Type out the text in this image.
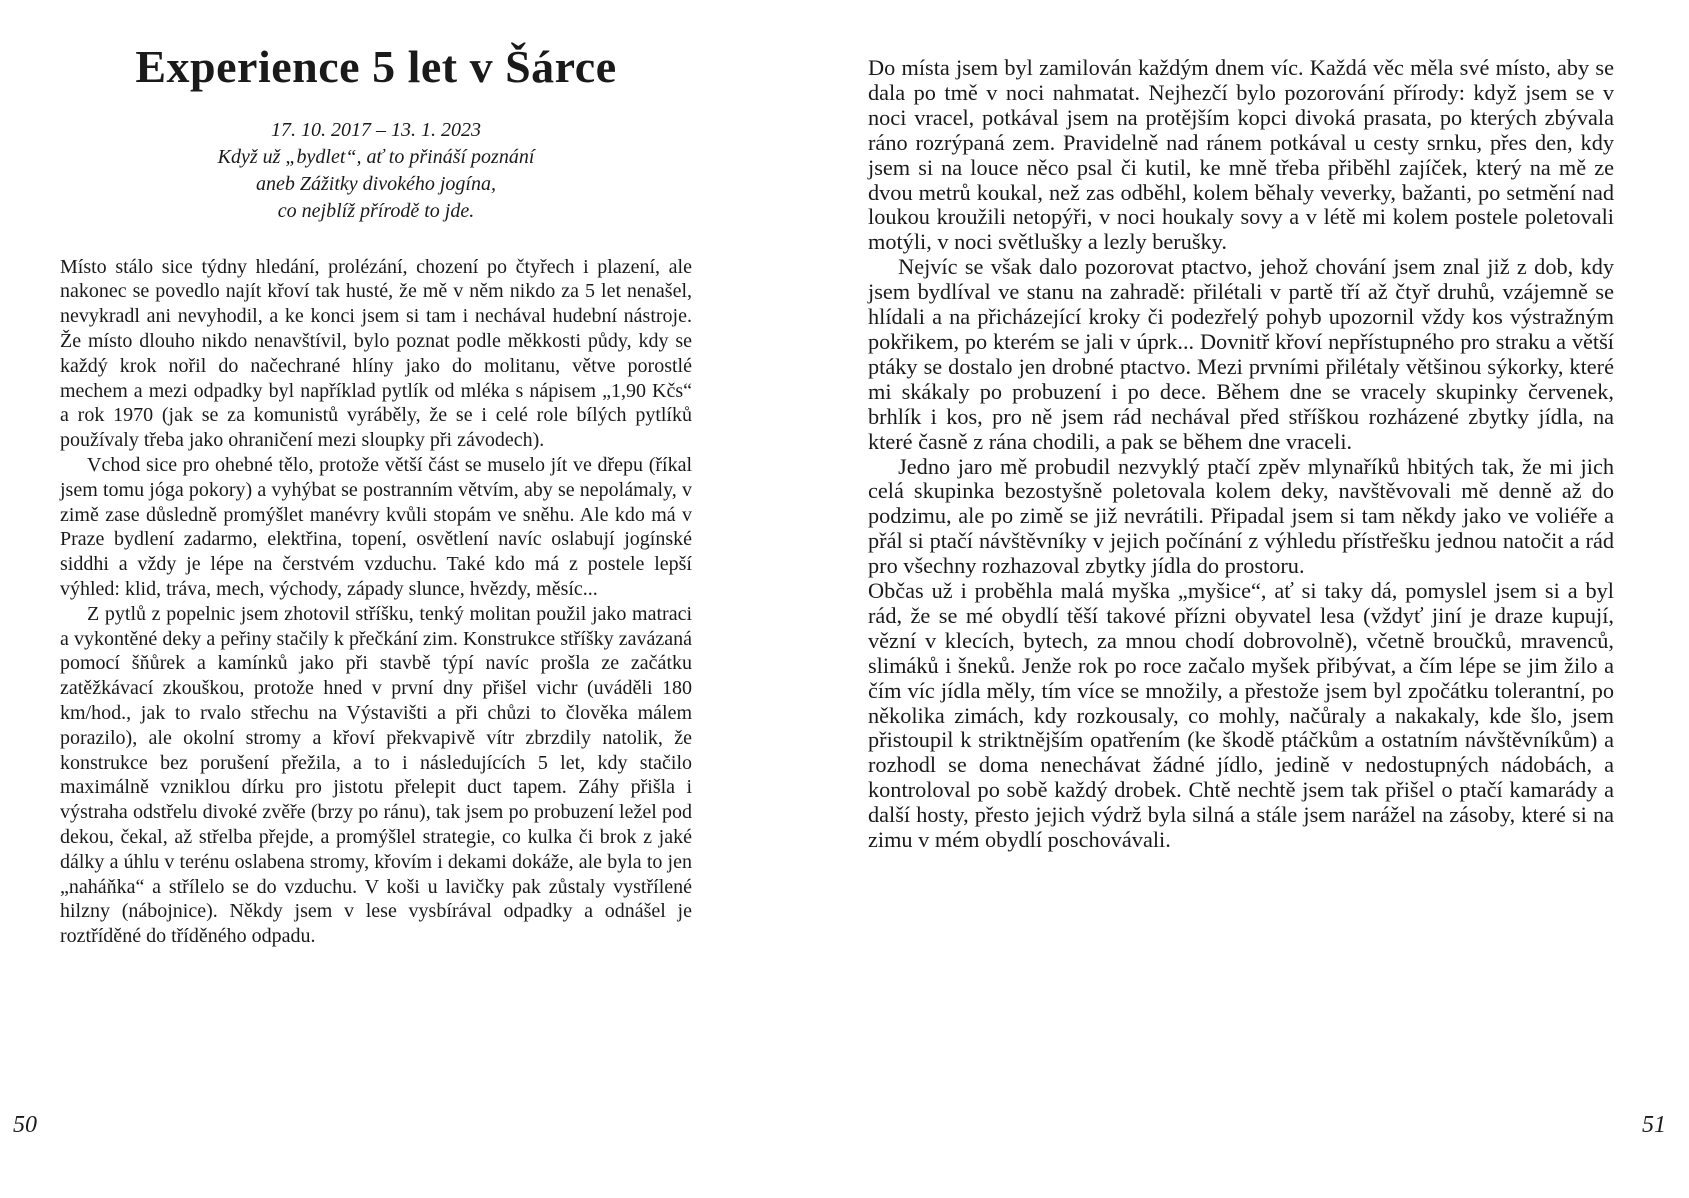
Experience 5 let v Šárce
17. 10. 2017 – 13. 1. 2023
Když už „bydlet“, ať to přináší poznání
aneb Zážitky divokého jogína,
co nejblíž přírodě to jde.

Místo stálo sice týdny hledání, prolézání, chození po čtyřech i plazení, ale nakonec se povedlo najít křoví tak husté, že mě v něm nikdo za 5 let nenašel, nevykradl ani nevyhodil, a ke konci jsem si tam i nechával hudební nástroje. Že místo dlouho nikdo nenavštívil, bylo poznat podle měkkosti půdy, kdy se každý krok nořil do načechrané hlíny jako do molitanu, větve porostlé mechem a mezi odpadky byl například pytlík od mléka s nápisem „1,90 Kčs“ a rok 1970 (jak se za komunistů vyráběly, že se i celé role bílých pytlíků používaly třeba jako ohraničení mezi sloupky při závodech).

Vchod sice pro ohebné tělo, protože větší část se muselo jít ve dřepu (říkal jsem tomu jóga pokory) a vyhýbat se postranním větvím, aby se nepolámaly, v zimě zase důsledně promýšlet manévry kvůli stopám ve sněhu. Ale kdo má v Praze bydlení zadarmo, elektřina, topení, osvětlení navíc oslabují jogínské siddhi a vždy je lépe na čerstvém vzduchu. Také kdo má z postele lepší výhled: klid, tráva, mech, východy, západy slunce, hvězdy, měsíc...

Z pytlů z popelnic jsem zhotovil stříšku, tenký molitan použil jako matraci a vykontěné deky a peřiny stačily k přečkání zim. Konstrukce stříšky zavázaná pomocí šňůrek a kamínků jako při stavbě týpí navíc prošla ze začátku zatěžkávací zkouškou, protože hned v první dny přišel vichr (uváděli 180 km/hod., jak to rvalo střechu na Výstavišti a při chůzi to člověka málem porazilo), ale okolní stromy a křoví překvapivě vítr zbrzdily natolik, že konstrukce bez porušení přežila, a to i následujících 5 let, kdy stačilo maximálně vzniklou dírku pro jistotu přelepit duct tapem. Záhy přišla i výstraha odstřelu divoké zvěře (brzy po ránu), tak jsem po probuzení ležel pod dekou, čekal, až střelba přejde, a promýšlel strategie, co kulka či brok z jaké dálky a úhlu v terénu oslabena stromy, křovím i dekami dokáže, ale byla to jen „naháňka“ a střílelo se do vzduchu. V koši u lavičky pak zůstaly vystřílené hilzny (nábojnice). Někdy jsem v lese vysbírával odpadky a odnášel je roztříděné do tříděného odpadu.

50

Do místa jsem byl zamilován každým dnem víc. Každá věc měla své místo, aby se dala po tmě v noci nahmatat. Nejhezčí bylo pozorování přírody: když jsem se v noci vracel, potkával jsem na protějším kopci divoká prasata, po kterých zbývala ráno rozrýpaná zem. Pravidelně nad ránem potkával u cesty srnku, přes den, kdy jsem si na louce něco psal či kutil, ke mně třeba přiběhl zajíček, který na mě ze dvou metrů koukal, než zas odběhl, kolem běhaly veverky, bažanti, po setmění nad loukou kroužili netopýři, v noci houkaly sovy a v létě mi kolem postele poletovali motýli, v noci světlušky a lezly berušky.

Nejvíc se však dalo pozorovat ptactvo, jehož chování jsem znal již z dob, kdy jsem bydlíval ve stanu na zahradě: přilétali v partě tří až čtyř druhů, vzájemně se hlídali a na přicházející kroky či podezřelý pohyb upozornil vždy kos výstražným pokřikem, po kterém se jali v úprk... Dovnitř křoví nepřístupného pro straku a větší ptáky se dostalo jen drobné ptactvo. Mezi prvními přilétaly většinou sýkorky, které mi skákaly po probuzení i po dece. Během dne se vracely skupinky červenek, brhlík i kos, pro ně jsem rád nechával před stříškou rozházené zbytky jídla, na které časně z rána chodili, a pak se během dne vraceli.

Jedno jaro mě probudil nezvyklý ptačí zpěv mlynaříků hbitých tak, že mi jich celá skupinka bezostyšně poletovala kolem deky, navštěvovali mě denně až do podzimu, ale po zimě se již nevrátili. Připadal jsem si tam někdy jako ve voliéře a přál si ptačí návštěvníky v jejich počínání z výhledu přístřešku jednou natočit a rád pro všechny rozhazoval zbytky jídla do prostoru.

Občas už i proběhla malá myška „myšice“, ať si taky dá, pomyslel jsem si a byl rád, že se mé obydlí těší takové přízni obyvatel lesa (vždyť jiní je draze kupují, vězní v klecích, bytech, za mnou chodí dobrovolně), včetně broučků, mravenců, slimáků i šneků. Jenže rok po roce začalo myšek přibývat, a čím lépe se jim žilo a čím víc jídla měly, tím více se množily, a přestože jsem byl zpočátku tolerantní, po několika zimách, kdy rozkousaly, co mohly, načůraly a nakakaly, kde šlo, jsem přistoupil k striktnějším opatřením (ke škodě ptáčkům a ostatním návštěvníkům) a rozhodl se doma nenechávat žádné jídlo, jedině v nedostupných nádobách, a kontroloval po sobě každý drobek. Chtě nechtě jsem tak přišel o ptačí kamarády a další hosty, přesto jejich výdrž byla silná a stále jsem narážel na zásoby, které si na zimu v mém obydlí poschovávali.

51
